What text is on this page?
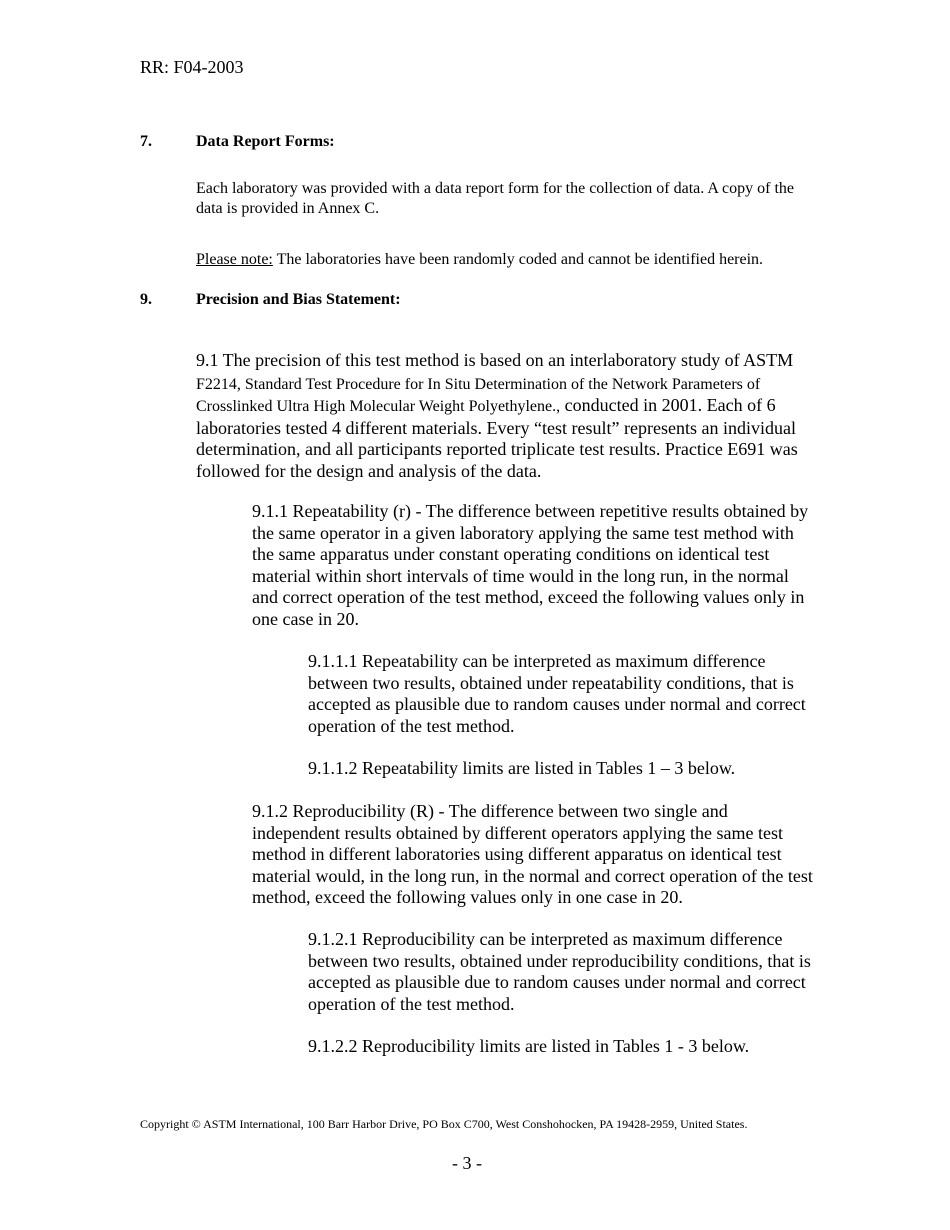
RR: F04-2003
7.	Data Report Forms:

Each laboratory was provided with a data report form for the collection of data. A copy of the data is provided in Annex C.

Please note: The laboratories have been randomly coded and cannot be identified herein.

9.	Precision and Bias Statement:

9.1 The precision of this test method is based on an interlaboratory study of ASTM F2214, Standard Test Procedure for In Situ Determination of the Network Parameters of Crosslinked Ultra High Molecular Weight Polyethylene., conducted in 2001. Each of 6 laboratories tested 4 different materials. Every “test result” represents an individual determination, and all participants reported triplicate test results. Practice E691 was followed for the design and analysis of the data.

9.1.1 Repeatability (r) - The difference between repetitive results obtained by the same operator in a given laboratory applying the same test method with the same apparatus under constant operating conditions on identical test material within short intervals of time would in the long run, in the normal and correct operation of the test method, exceed the following values only in one case in 20.

9.1.1.1 Repeatability can be interpreted as maximum difference between two results, obtained under repeatability conditions, that is accepted as plausible due to random causes under normal and correct operation of the test method.

9.1.1.2 Repeatability limits are listed in Tables 1 – 3 below.

9.1.2 Reproducibility (R) - The difference between two single and independent results obtained by different operators applying the same test method in different laboratories using different apparatus on identical test material would, in the long run, in the normal and correct operation of the test method, exceed the following values only in one case in 20.

9.1.2.1 Reproducibility can be interpreted as maximum difference between two results, obtained under reproducibility conditions, that is accepted as plausible due to random causes under normal and correct operation of the test method.

9.1.2.2 Reproducibility limits are listed in Tables 1 - 3 below.

Copyright © ASTM International, 100 Barr Harbor Drive, PO Box C700, West Conshohocken, PA 19428-2959, United States.
- 3 -
